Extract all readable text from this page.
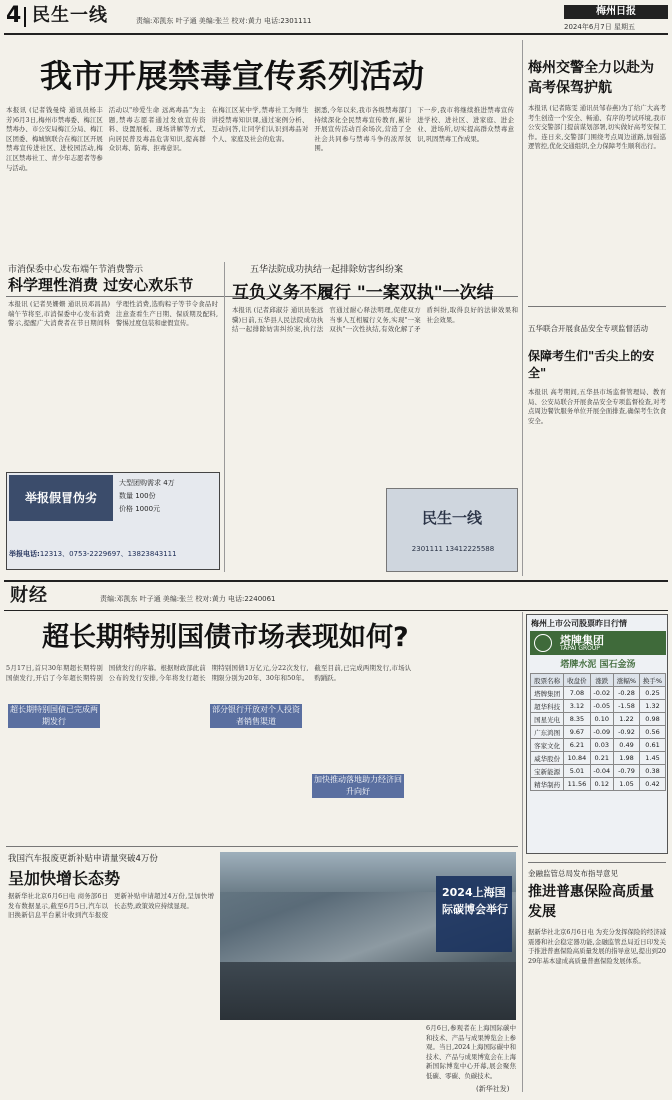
4 民生一线	责编:邓凯东 叶子通 美编:张兰 校对:黄力 电话:2301111
梅州日报
2024年6月7日 星期五
我市开展禁毒宣传系列活动

本报讯 (记者钱曼绮 通讯员杨丰芳)6月3日,梅州市禁毒委、梅江区禁毒办、市公安局梅江分局、梅江区团委、梅城镇联合在梅江区开展禁毒宣传进社区、进校园活动,梅江区禁毒社工、青少年志愿者等参与活动。

活动以"珍爱生命 远离毒品"为主题,禁毒志愿者通过发放宣传资料、设置展板、现场讲解等方式,向居民普及毒品危害知识,提高群众识毒、防毒、拒毒意识。

在梅江区某中学,禁毒社工为师生讲授禁毒知识课,通过案例分析、互动问答,让同学们认识到毒品对个人、家庭及社会的危害。

据悉,今年以来,我市各级禁毒部门持续深化全民禁毒宣传教育,累计开展宣传活动百余场次,营造了全社会共同参与禁毒斗争的浓厚氛围。

下一步,我市将继续推进禁毒宣传进学校、进社区、进家庭、进企业、进场所,切实提高群众禁毒意识,巩固禁毒工作成果。

梅州交警全力以赴为高考保驾护航
本报讯 (记者陈雯 通讯员邹春燕)为了给广大高考考生创造一个安全、畅通、有序的考试环境,我市公安交警部门提前谋划部署,切实做好高考安保工作。连日来,交警部门围绕考点周边道路,加强巡逻管控,优化交通组织,全力保障考生顺利出行。
市消保委中心发布端午节消费警示
科学理性消费 过安心欢乐节
本报讯 (记者吴姗姗 通讯员邓昌昌)端午节将至,市消保委中心发布消费警示,提醒广大消费者在节日期间科学理性消费,选购粽子等节令食品时注意查看生产日期、保质期及配料,警惕过度包装和虚假宣传。
五华法院成功执结一起排除妨害纠纷案
互负义务不履行 "一案双执"一次结
本报讯 (记者邱淑芬 通讯员张远骥)日前,五华县人民法院成功执结一起排除妨害纠纷案,执行法官通过耐心释法明理,促使双方当事人互相履行义务,实现"一案双执"一次性执结,有效化解了矛盾纠纷,取得良好的法律效果和社会效果。
举报假冒伪劣
大型团购需求 4万
数量 100份
价格 1000元
举报电话:12313、0753-2229697、13823843111
民生一线
2301111 13412225588
五华联合开展食品安全专项监督活动
保障考生们"舌尖上的安全"
本报讯 高考期间,五华县市场监督管理局、教育局、公安局联合开展食品安全专项监督检查,对考点周边餐饮服务单位开展全面排查,确保考生饮食安全。
财经	责编:邓凯东 叶子通 美编:张兰 校对:黄力 电话:2240061
超长期特别国债市场表现如何?
5月17日,首只30年期超长期特别国债发行,开启了今年超长期特别国债发行的序幕。根据财政部此前公布的发行安排,今年将发行超长期特别国债1万亿元,分22次发行,期限分别为20年、30年和50年。截至目前,已完成两期发行,市场认购踊跃。
超长期特别国债已完成两期发行
部分银行开放对个人投资者销售渠道
加快推动落地助力经济回升向好
梅州上市公司股票昨日行情
塔牌集团
TAPAI GROUP
塔牌水泥 国石金汤
股票名称	收盘价	涨跌	涨幅%	换手%
塔牌集团	7.08	-0.02	-0.28	0.25
超华科技	3.12	-0.05	-1.58	1.32
国星光电	8.35	0.10	1.22	0.98
广东鸿图	9.67	-0.09	-0.92	0.56
客家文化	6.21	0.03	0.49	0.61
威华股份	10.84	0.21	1.98	1.45
宝新能源	5.01	-0.04	-0.79	0.38
精华制药	11.56	0.12	1.05	0.42
我国汽车报废更新补贴申请量突破4万份
呈加快增长态势
据新华社北京6月6日电 商务部6日发布数据显示,截至6月5日,汽车以旧换新信息平台累计收到汽车报废更新补贴申请超过4万份,呈加快增长态势,政策效应持续显现。
2024上海国际碳博会举行
6月6日,参观者在上海国际碳中和技术、产品与成果博览会上参观。当日,2024上海国际碳中和技术、产品与成果博览会在上海新国际博览中心开幕,展会聚焦低碳、零碳、负碳技术。
(新华社发)
金融监管总局发布指导意见
推进普惠保险高质量发展
据新华社北京6月6日电 为充分发挥保险的经济减震器和社会稳定器功能,金融监管总局近日印发关于推进普惠保险高质量发展的指导意见,提出到2029年基本建成高质量普惠保险发展体系。
